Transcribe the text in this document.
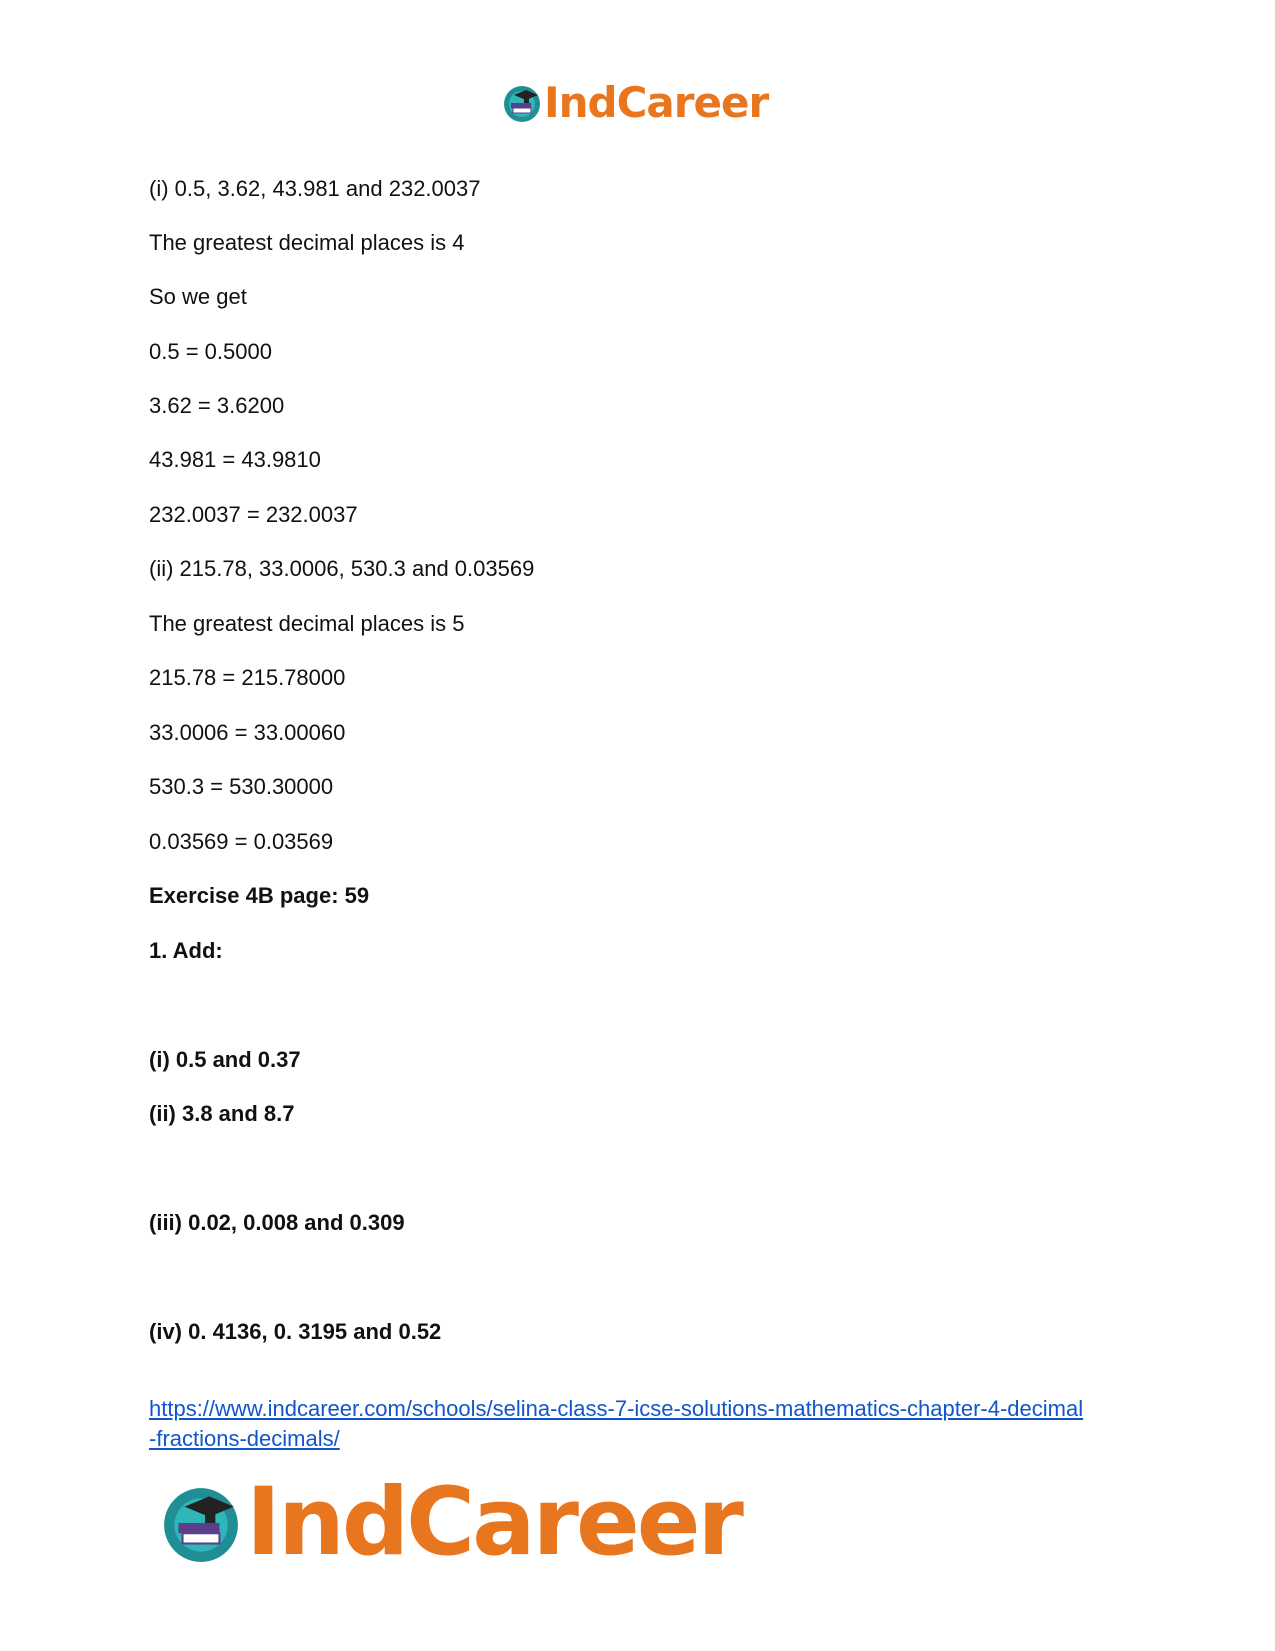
IndCareer
(i) 0.5, 3.62, 43.981 and 232.0037
The greatest decimal places is 4
So we get
0.5 = 0.5000
3.62 = 3.6200
43.981 = 43.9810
232.0037 = 232.0037
(ii) 215.78, 33.0006, 530.3 and 0.03569
The greatest decimal places is 5
215.78 = 215.78000
33.0006 = 33.00060
530.3 = 530.30000
0.03569 = 0.03569
Exercise 4B page: 59
1. Add:
(i) 0.5 and 0.37
(ii) 3.8 and 8.7
(iii) 0.02, 0.008 and 0.309
(iv) 0. 4136, 0. 3195 and 0.52
https://www.indcareer.com/schools/selina-class-7-icse-solutions-mathematics-chapter-4-decimal
-fractions-decimals/
IndCareer
